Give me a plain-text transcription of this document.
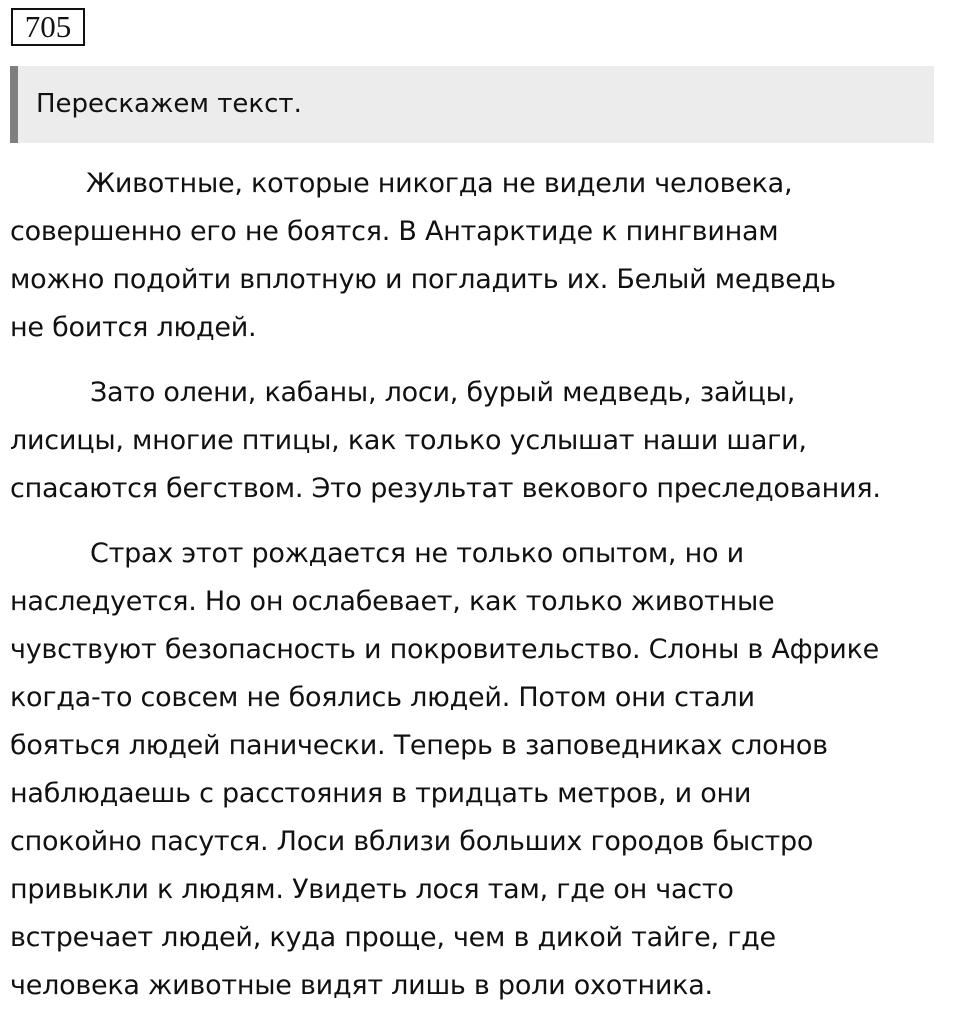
705
Перескажем текст.

Животные, которые никогда не видели человека,
совершенно его не боятся. В Антарктиде к пингвинам
можно подойти вплотную и погладить их. Белый медведь
не боится людей.

Зато олени, кабаны, лоси, бурый медведь, зайцы,
лисицы, многие птицы, как только услышат наши шаги,
спасаются бегством. Это результат векового преследования.

Страх этот рождается не только опытом, но и
наследуется. Но он ослабевает, как только животные
чувствуют безопасность и покровительство. Слоны в Африке
когда-то совсем не боялись людей. Потом они стали
бояться людей панически. Теперь в заповедниках слонов
наблюдаешь с расстояния в тридцать метров, и они
спокойно пасутся. Лоси вблизи больших городов быстро
привыкли к людям. Увидеть лося там, где он часто
встречает людей, куда проще, чем в дикой тайге, где
человека животные видят лишь в роли охотника.
